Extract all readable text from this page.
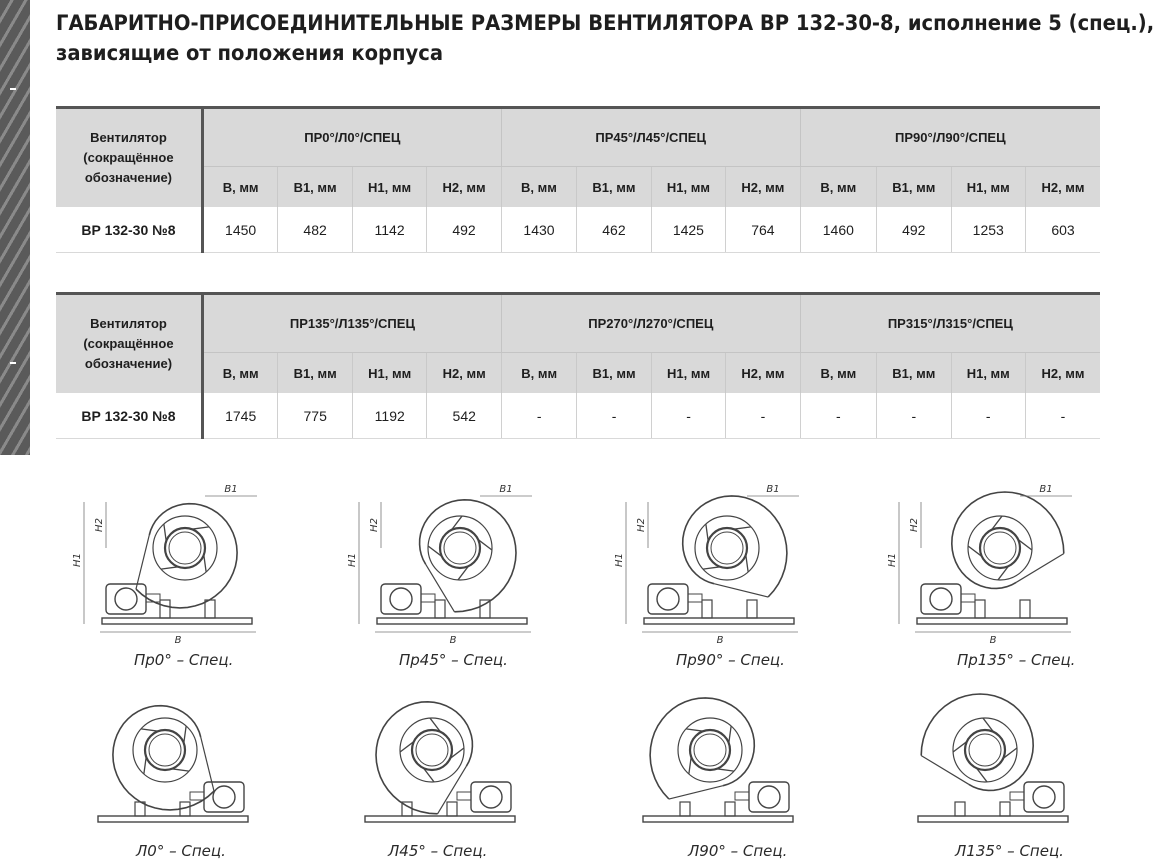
ГАБАРИТНО-ПРИСОЕДИНИТЕЛЬНЫЕ РАЗМЕРЫ ВЕНТИЛЯТОРА ВР 132-30-8, исполнение 5 (спец.),
зависящие от положения корпуса
Вентилятор
(сокращённое
обозначение)	ПР0°/Л0°/СПЕЦ				ПР45°/Л45°/СПЕЦ				ПР90°/Л90°/СПЕЦ			
	В, мм	В1, мм	Н1, мм	Н2, мм	В, мм	В1, мм	Н1, мм	Н2, мм	В, мм	В1, мм	Н1, мм	Н2, мм
ВР 132-30 №8	1450	482	1142	492	1430	462	1425	764	1460	492	1253	603
Вентилятор
(сокращённое
обозначение)	ПР135°/Л135°/СПЕЦ				ПР270°/Л270°/СПЕЦ				ПР315°/Л315°/СПЕЦ			
	В, мм	В1, мм	Н1, мм	Н2, мм	В, мм	В1, мм	Н1, мм	Н2, мм	В, мм	В1, мм	Н1, мм	Н2, мм
ВР 132-30 №8	1745	775	1192	542	-	-	-	-	-	-	-	-
B
B1
H1
H2
B
B1
H1
H2
B
B1
H1
H2
B
B1
H1
H2
Пр0° – Спец.	Пр45° – Спец.	Пр90° – Спец.	Пр135° – Спец.
Л0° – Спец.	Л45° – Спец.	Л90° – Спец.	Л135° – Спец.
